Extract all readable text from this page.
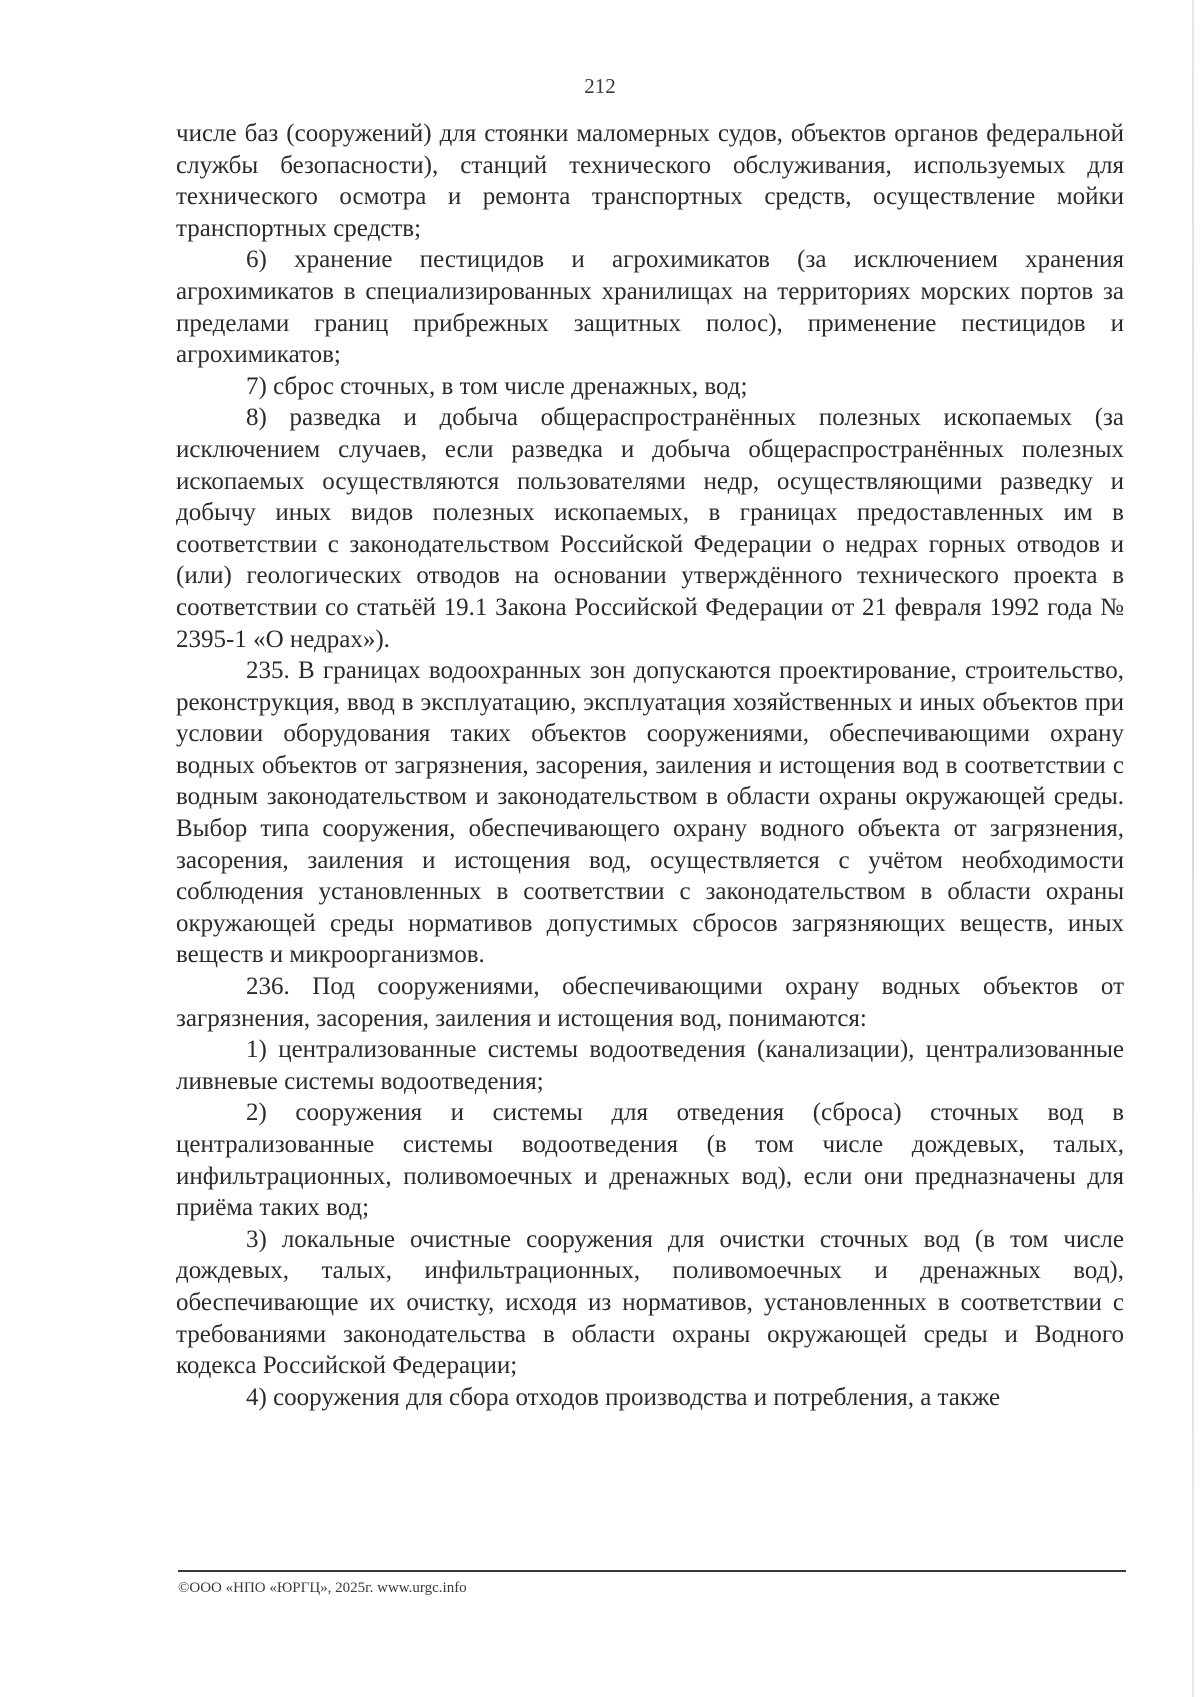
212

числе баз (сооружений) для стоянки маломерных судов, объектов органов федеральной службы безопасности), станций технического обслуживания, используемых для технического осмотра и ремонта транспортных средств, осуществление мойки транспортных средств;

6) хранение пестицидов и агрохимикатов (за исключением хранения агрохимикатов в специализированных хранилищах на территориях морских портов за пределами границ прибрежных защитных полос), применение пестицидов и агрохимикатов;

7) сброс сточных, в том числе дренажных, вод;

8) разведка и добыча общераспространённых полезных ископаемых (за исключением случаев, если разведка и добыча общераспространённых полезных ископаемых осуществляются пользователями недр, осуществляющими разведку и добычу иных видов полезных ископаемых, в границах предоставленных им в соответствии с законодательством Российской Федерации о недрах горных отводов и (или) геологических отводов на основании утверждённого технического проекта в соответствии со статьёй 19.1 Закона Российской Федерации от 21 февраля 1992 года № 2395-1 «О недрах»).

235. В границах водоохранных зон допускаются проектирование, строительство, реконструкция, ввод в эксплуатацию, эксплуатация хозяйственных и иных объектов при условии оборудования таких объектов сооружениями, обеспечивающими охрану водных объектов от загрязнения, засорения, заиления и истощения вод в соответствии с водным законодательством и законодательством в области охраны окружающей среды. Выбор типа сооружения, обеспечивающего охрану водного объекта от загрязнения, засорения, заиления и истощения вод, осуществляется с учётом необходимости соблюдения установленных в соответствии с законодательством в области охраны окружающей среды нормативов допустимых сбросов загрязняющих веществ, иных веществ и микроорганизмов.

236. Под сооружениями, обеспечивающими охрану водных объектов от загрязнения, засорения, заиления и истощения вод, понимаются:

1) централизованные системы водоотведения (канализации), централизованные ливневые системы водоотведения;

2) сооружения и системы для отведения (сброса) сточных вод в централизованные системы водоотведения (в том числе дождевых, талых, инфильтрационных, поливомоечных и дренажных вод), если они предназначены для приёма таких вод;

3) локальные очистные сооружения для очистки сточных вод (в том числе дождевых, талых, инфильтрационных, поливомоечных и дренажных вод), обеспечивающие их очистку, исходя из нормативов, установленных в соответствии с требованиями законодательства в области охраны окружающей среды и Водного кодекса Российской Федерации;

4) сооружения для сбора отходов производства и потребления, а также

©ООО «НПО «ЮРГЦ», 2025г. www.urgc.info
